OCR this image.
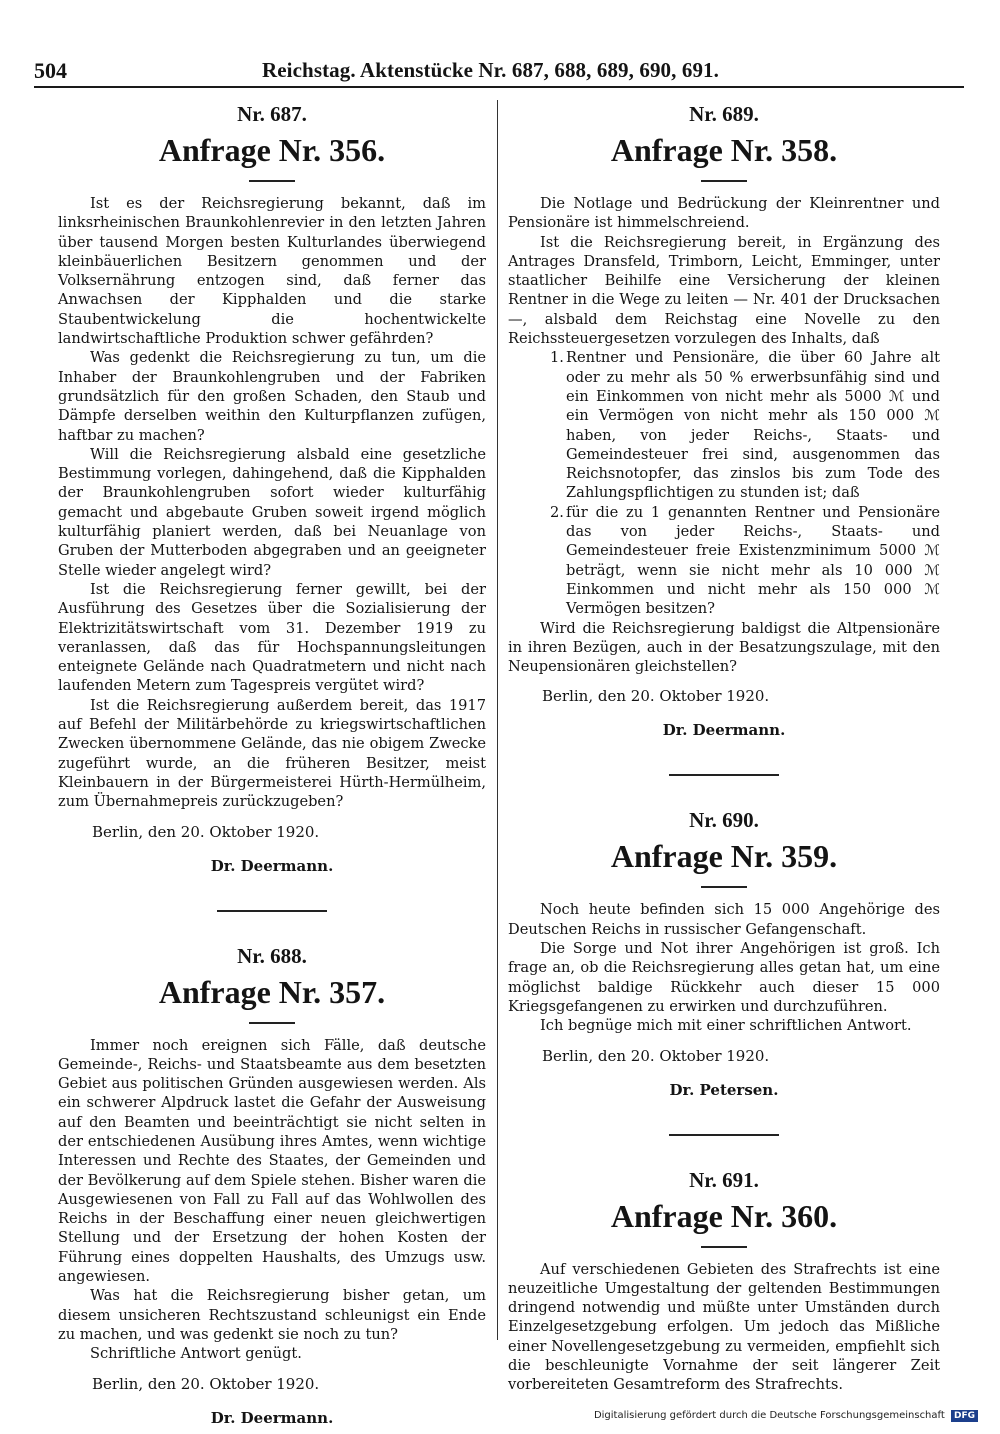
504	Reichstag. Aktenstücke Nr. 687, 688, 689, 690, 691.

Nr. 687.

Anfrage Nr. 356.

Ist es der Reichsregierung bekannt, daß im linksrheinischen Braunkohlenrevier in den letzten Jahren über tausend Morgen besten Kulturlandes überwiegend kleinbäuerlichen Besitzern genommen und der Volksernährung entzogen sind, daß ferner das Anwachsen der Kipphalden und die starke Staubentwickelung die hochentwickelte landwirtschaftliche Produktion schwer gefährden?

Was gedenkt die Reichsregierung zu tun, um die Inhaber der Braunkohlengruben und der Fabriken grundsätzlich für den großen Schaden, den Staub und Dämpfe derselben weithin den Kulturpflanzen zufügen, haftbar zu machen?

Will die Reichsregierung alsbald eine gesetzliche Bestimmung vorlegen, dahingehend, daß die Kipphalden der Braunkohlengruben sofort wieder kulturfähig gemacht und abgebaute Gruben soweit irgend möglich kulturfähig planiert werden, daß bei Neuanlage von Gruben der Mutterboden abgegraben und an geeigneter Stelle wieder angelegt wird?

Ist die Reichsregierung ferner gewillt, bei der Ausführung des Gesetzes über die Sozialisierung der Elektrizitätswirtschaft vom 31. Dezember 1919 zu veranlassen, daß das für Hochspannungsleitungen enteignete Gelände nach Quadratmetern und nicht nach laufenden Metern zum Tagespreis vergütet wird?

Ist die Reichsregierung außerdem bereit, das 1917 auf Befehl der Militärbehörde zu kriegswirtschaftlichen Zwecken übernommene Gelände, das nie obigem Zwecke zugeführt wurde, an die früheren Besitzer, meist Kleinbauern in der Bürgermeisterei Hürth-Hermülheim, zum Übernahmepreis zurückzugeben?

Berlin, den 20. Oktober 1920.

Dr. Deermann.

Nr. 688.

Anfrage Nr. 357.

Immer noch ereignen sich Fälle, daß deutsche Gemeinde-, Reichs- und Staatsbeamte aus dem besetzten Gebiet aus politischen Gründen ausgewiesen werden. Als ein schwerer Alpdruck lastet die Gefahr der Ausweisung auf den Beamten und beeinträchtigt sie nicht selten in der entschiedenen Ausübung ihres Amtes, wenn wichtige Interessen und Rechte des Staates, der Gemeinden und der Bevölkerung auf dem Spiele stehen. Bisher waren die Ausgewiesenen von Fall zu Fall auf das Wohlwollen des Reichs in der Beschaffung einer neuen gleichwertigen Stellung und der Ersetzung der hohen Kosten der Führung eines doppelten Haushalts, des Umzugs usw. angewiesen.

Was hat die Reichsregierung bisher getan, um diesem unsicheren Rechtszustand schleunigst ein Ende zu machen, und was gedenkt sie noch zu tun?

Schriftliche Antwort genügt.

Berlin, den 20. Oktober 1920.

Dr. Deermann.

Nr. 689.

Anfrage Nr. 358.

Die Notlage und Bedrückung der Kleinrentner und Pensionäre ist himmelschreiend.

Ist die Reichsregierung bereit, in Ergänzung des Antrages Dransfeld, Trimborn, Leicht, Emminger, unter staatlicher Beihilfe eine Versicherung der kleinen Rentner in die Wege zu leiten — Nr. 401 der Drucksachen —, alsbald dem Reichstag eine Novelle zu den Reichssteuergesetzen vorzulegen des Inhalts, daß

1. Rentner und Pensionäre, die über 60 Jahre alt oder zu mehr als 50 % erwerbsunfähig sind und ein Einkommen von nicht mehr als 5000 ℳ und ein Vermögen von nicht mehr als 150 000 ℳ haben, von jeder Reichs-, Staats- und Gemeindesteuer frei sind, ausgenommen das Reichsnotopfer, das zinslos bis zum Tode des Zahlungspflichtigen zu stunden ist; daß

2. für die zu 1 genannten Rentner und Pensionäre das von jeder Reichs-, Staats- und Gemeindesteuer freie Existenzminimum 5000 ℳ beträgt, wenn sie nicht mehr als 10 000 ℳ Einkommen und nicht mehr als 150 000 ℳ Vermögen besitzen?

Wird die Reichsregierung baldigst die Altpensionäre in ihren Bezügen, auch in der Besatzungszulage, mit den Neupensionären gleichstellen?

Berlin, den 20. Oktober 1920.

Dr. Deermann.

Nr. 690.

Anfrage Nr. 359.

Noch heute befinden sich 15 000 Angehörige des Deutschen Reichs in russischer Gefangenschaft.

Die Sorge und Not ihrer Angehörigen ist groß. Ich frage an, ob die Reichsregierung alles getan hat, um eine möglichst baldige Rückkehr auch dieser 15 000 Kriegsgefangenen zu erwirken und durchzuführen.

Ich begnüge mich mit einer schriftlichen Antwort.

Berlin, den 20. Oktober 1920.

Dr. Petersen.

Nr. 691.

Anfrage Nr. 360.

Auf verschiedenen Gebieten des Strafrechts ist eine neuzeitliche Umgestaltung der geltenden Bestimmungen dringend notwendig und müßte unter Umständen durch Einzelgesetzgebung erfolgen. Um jedoch das Mißliche einer Novellengesetzgebung zu vermeiden, empfiehlt sich die beschleunigte Vornahme der seit längerer Zeit vorbereiteten Gesamtreform des Strafrechts.

Digitalisierung gefördert durch die Deutsche Forschungsgemeinschaft DFG
